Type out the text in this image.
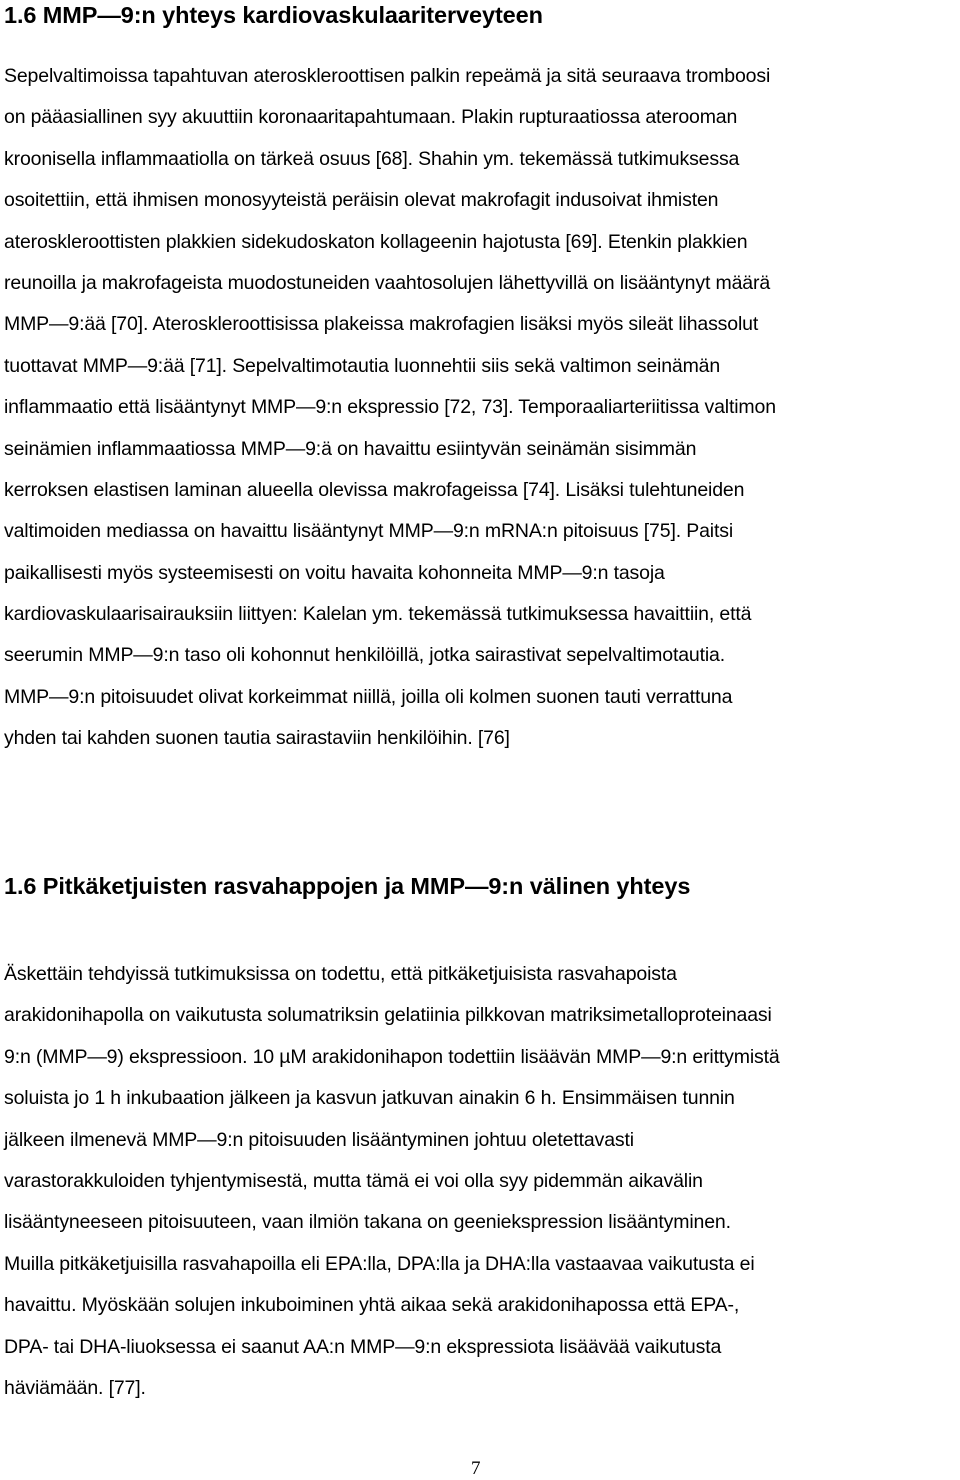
1.6 MMP—9:n yhteys kardiovaskulaariterveyteen
Sepelvaltimoissa tapahtuvan ateroskleroottisen palkin repeämä ja sitä seuraava tromboosi
on pääasiallinen syy akuuttiin koronaaritapahtumaan. Plakin rupturaatiossa aterooman
kroonisella inflammaatiolla on tärkeä osuus [68]. Shahin ym. tekemässä tutkimuksessa
osoitettiin, että ihmisen monosyyteistä peräisin olevat makrofagit indusoivat ihmisten
ateroskleroottisten plakkien sidekudoskaton kollageenin hajotusta [69]. Etenkin plakkien
reunoilla ja makrofageista muodostuneiden vaahtosolujen lähettyvillä on lisääntynyt määrä
MMP—9:ää [70]. Ateroskleroottisissa plakeissa makrofagien lisäksi myös sileät lihassolut
tuottavat MMP—9:ää [71]. Sepelvaltimotautia luonnehtii siis sekä valtimon seinämän
inflammaatio että lisääntynyt MMP—9:n ekspressio [72, 73]. Temporaaliarteriitissa valtimon
seinämien inflammaatiossa MMP—9:ä on havaittu esiintyvän seinämän sisimmän
kerroksen elastisen laminan alueella olevissa makrofageissa [74]. Lisäksi tulehtuneiden
valtimoiden mediassa on havaittu lisääntynyt MMP—9:n mRNA:n pitoisuus [75]. Paitsi
paikallisesti myös systeemisesti on voitu havaita kohonneita MMP—9:n tasoja
kardiovaskulaarisairauksiin liittyen: Kalelan ym. tekemässä tutkimuksessa havaittiin, että
seerumin MMP—9:n taso oli kohonnut henkilöillä, jotka sairastivat sepelvaltimotautia.
MMP—9:n pitoisuudet olivat korkeimmat niillä, joilla oli kolmen suonen tauti verrattuna
yhden tai kahden suonen tautia sairastaviin henkilöihin. [76]
1.6 Pitkäketjuisten rasvahappojen ja MMP—9:n välinen yhteys
Äskettäin tehdyissä tutkimuksissa on todettu, että pitkäketjuisista rasvahapoista
arakidonihapolla on vaikutusta solumatriksin gelatiinia pilkkovan matriksimetalloproteinaasi
9:n (MMP—9) ekspressioon. 10 µM arakidonihapon todettiin lisäävän MMP—9:n erittymistä
soluista jo 1 h inkubaation jälkeen ja kasvun jatkuvan ainakin 6 h. Ensimmäisen tunnin
jälkeen ilmenevä MMP—9:n pitoisuuden lisääntyminen johtuu oletettavasti
varastorakkuloiden tyhjentymisestä, mutta tämä ei voi olla syy pidemmän aikavälin
lisääntyneeseen pitoisuuteen, vaan ilmiön takana on geeniekspression lisääntyminen.
Muilla pitkäketjuisilla rasvahapoilla eli EPA:lla, DPA:lla ja DHA:lla vastaavaa vaikutusta ei
havaittu. Myöskään solujen inkuboiminen yhtä aikaa sekä arakidonihapossa että EPA-,
DPA- tai DHA-liuoksessa ei saanut AA:n MMP—9:n ekspressiota lisäävää vaikutusta
häviämään. [77].
7
